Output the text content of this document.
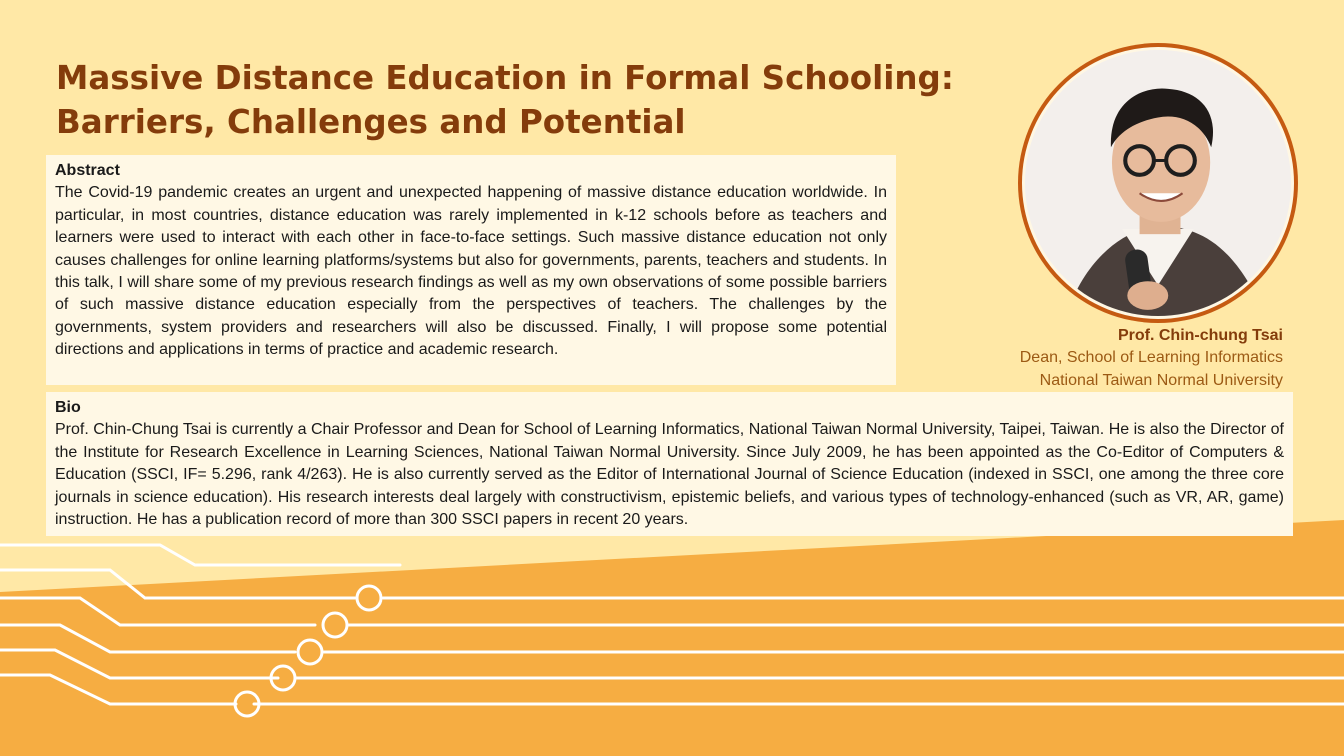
Massive Distance Education in Formal Schooling:
Barriers, Challenges and Potential
Abstract
The Covid-19 pandemic creates an urgent and unexpected happening of massive distance education worldwide. In particular, in most countries, distance education was rarely implemented in k-12 schools before as teachers and learners were used to interact with each other in face-to-face settings. Such massive distance education not only causes challenges for online learning platforms/systems but also for governments, parents, teachers and students. In this talk, I will share some of my previous research findings as well as my own observations of some possible barriers of such massive distance education especially from the perspectives of teachers. The challenges by the governments, system providers and researchers will also be discussed. Finally, I will propose some potential directions and applications in terms of practice and academic research.
Prof. Chin-chung Tsai
Dean, School of Learning Informatics
National Taiwan Normal University
Bio
Prof. Chin-Chung Tsai is currently a Chair Professor and Dean for School of Learning Informatics, National Taiwan Normal University, Taipei, Taiwan. He is also the Director of the Institute for Research Excellence in Learning Sciences, National Taiwan Normal University. Since July 2009, he has been appointed as the Co-Editor of Computers & Education (SSCI, IF= 5.296, rank 4/263). He is also currently served as the Editor of International Journal of Science Education (indexed in SSCI, one among the three core journals in science education). His research interests deal largely with constructivism, epistemic beliefs, and various types of technology-enhanced (such as VR, AR, game) instruction. He has a publication record of more than 300 SSCI papers in recent 20 years.
